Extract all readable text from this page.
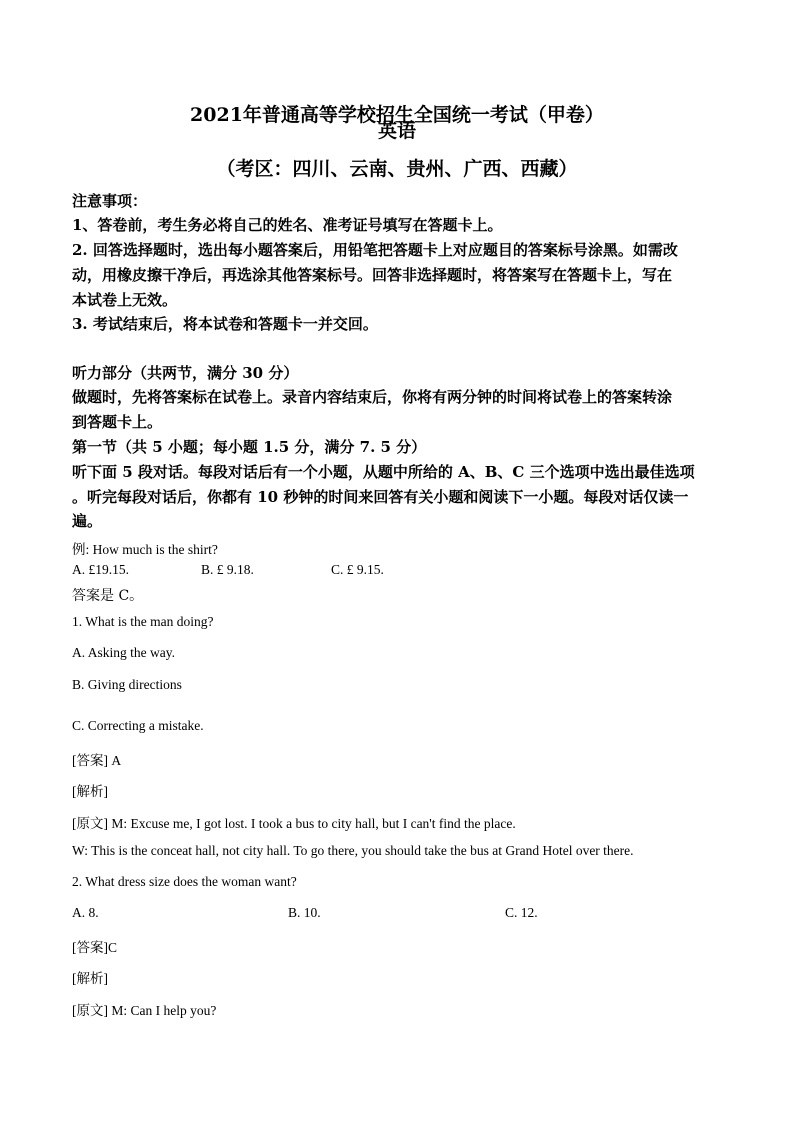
2021年普通高等学校招生全国统一考试（甲卷）
英语
（考区：四川、云南、贵州、广西、西藏）
注意事项：
1、答卷前，考生务必将自己的姓名、准考证号填写在答题卡上。
2. 回答选择题时，选出每小题答案后，用铅笔把答题卡上对应题目的答案标号涂黑。如需改
动，用橡皮擦干净后，再选涂其他答案标号。回答非选择题时，将答案写在答题卡上，写在
本试卷上无效。
3. 考试结束后，将本试卷和答题卡一并交回。
听力部分（共两节，满分 30 分）
做题时，先将答案标在试卷上。录音内容结束后，你将有两分钟的时间将试卷上的答案转涂
到答题卡上。
第一节（共 5 小题；每小题 1.5 分，满分 7. 5 分）
听下面 5 段对话。每段对话后有一个小题，从题中所给的 A、B、C 三个选项中选出最佳选项
。听完每段对话后，你都有 10 秒钟的时间来回答有关小题和阅读下一小题。每段对话仅读一
遍。
例: How much is the shirt?
A. £19.15.	B. £ 9.18.	C. £ 9.15.
答案是 C。
1. What is the man doing?
A. Asking the way.
B. Giving directions
C. Correcting a mistake.
[答案] A
[解析]
[原文] M: Excuse me, I got lost. I took a bus to city hall, but I can't find the place.
W: This is the conceat hall, not city hall. To go there, you should take the bus at Grand Hotel over there.
2. What dress size does the woman want?
A. 8.	B. 10.	C. 12.
[答案]C
[解析]
[原文] M: Can I help you?
